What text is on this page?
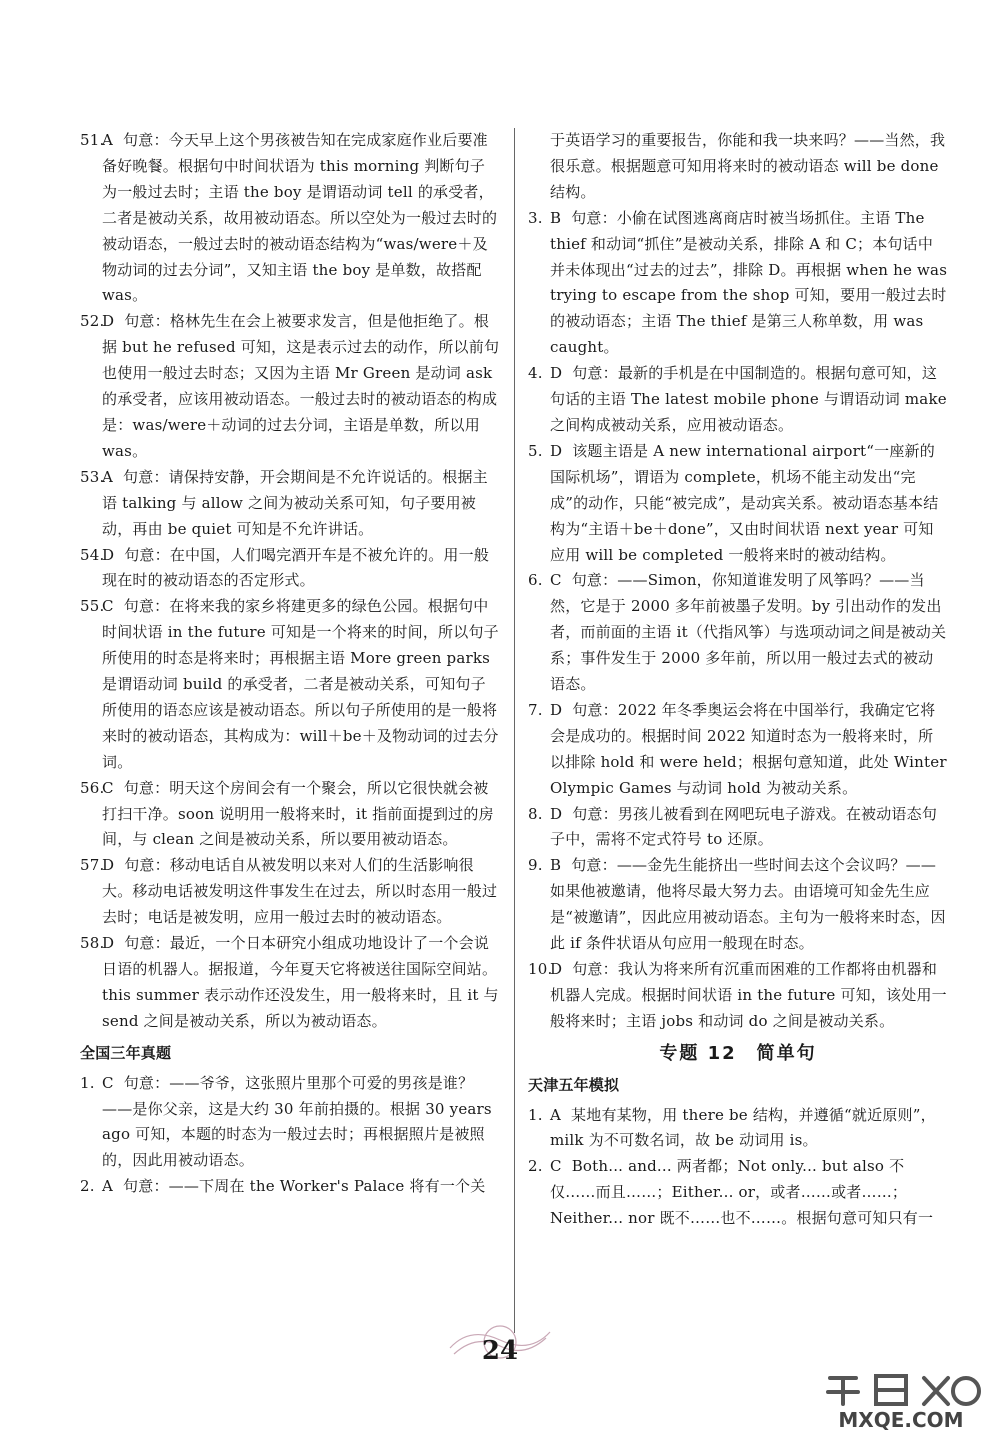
51.
A 句意：今天早上这个男孩被告知在完成家庭作业后要准备好晚餐。根据句中时间状语为 this morning 判断句子为一般过去时；主语 the boy 是谓语动词 tell 的承受者，二者是被动关系，故用被动语态。所以空处为一般过去时的被动语态，一般过去时的被动语态结构为“was/were＋及物动词的过去分词”，又知主语 the boy 是单数，故搭配 was。

52.
D 句意：格林先生在会上被要求发言，但是他拒绝了。根据 but he refused 可知，这是表示过去的动作，所以前句也使用一般过去时态；又因为主语 Mr Green 是动词 ask 的承受者，应该用被动语态。一般过去时的被动语态的构成是：was/were＋动词的过去分词，主语是单数，所以用 was。

53.
A 句意：请保持安静，开会期间是不允许说话的。根据主语 talking 与 allow 之间为被动关系可知，句子要用被动，再由 be quiet 可知是不允许讲话。

54.
D 句意：在中国，人们喝完酒开车是不被允许的。用一般现在时的被动语态的否定形式。

55.
C 句意：在将来我的家乡将建更多的绿色公园。根据句中时间状语 in the future 可知是一个将来的时间，所以句子所使用的时态是将来时；再根据主语 More green parks 是谓语动词 build 的承受者，二者是被动关系，可知句子所使用的语态应该是被动语态。所以句子所使用的是一般将来时的被动语态，其构成为：will＋be＋及物动词的过去分词。

56.
C 句意：明天这个房间会有一个聚会，所以它很快就会被打扫干净。soon 说明用一般将来时，it 指前面提到过的房间，与 clean 之间是被动关系，所以要用被动语态。

57.
D 句意：移动电话自从被发明以来对人们的生活影响很大。移动电话被发明这件事发生在过去，所以时态用一般过去时；电话是被发明，应用一般过去时的被动语态。

58.
D 句意：最近，一个日本研究小组成功地设计了一个会说日语的机器人。据报道，今年夏天它将被送往国际空间站。this summer 表示动作还没发生，用一般将来时，且 it 与 send 之间是被动关系，所以为被动语态。

全国三年真题

1. C 句意：——爷爷，这张照片里那个可爱的男孩是谁？——是你父亲，这是大约 30 年前拍摄的。根据 30 years ago 可知，本题的时态为一般过去时；再根据照片是被照的，因此用被动语态。

2. A 句意：——下周在 the Worker's Palace 将有一个关

于英语学习的重要报告，你能和我一块来吗？——当然，我很乐意。根据题意可知用将来时的被动语态 will be done 结构。

3. B 句意：小偷在试图逃离商店时被当场抓住。主语 The thief 和动词“抓住”是被动关系，排除 A 和 C；本句话中并未体现出“过去的过去”，排除 D。再根据 when he was trying to escape from the shop 可知，要用一般过去时的被动语态；主语 The thief 是第三人称单数，用 was caught。

4. D 句意：最新的手机是在中国制造的。根据句意可知，这句话的主语 The latest mobile phone 与谓语动词 make 之间构成被动关系，应用被动语态。

5. D 该题主语是 A new international airport“一座新的国际机场”，谓语为 complete，机场不能主动发出“完成”的动作，只能“被完成”，是动宾关系。被动语态基本结构为“主语＋be＋done”，又由时间状语 next year 可知应用 will be completed 一般将来时的被动结构。

6. C 句意：——Simon，你知道谁发明了风筝吗？——当然，它是于 2000 多年前被墨子发明。by 引出动作的发出者，而前面的主语 it（代指风筝）与选项动词之间是被动关系；事件发生于 2000 多年前，所以用一般过去式的被动语态。

7. D 句意：2022 年冬季奥运会将在中国举行，我确定它将会是成功的。根据时间 2022 知道时态为一般将来时，所以排除 hold 和 were held；根据句意知道，此处 Winter Olympic Games 与动词 hold 为被动关系。

8. D 句意：男孩儿被看到在网吧玩电子游戏。在被动语态句子中，需将不定式符号 to 还原。

9. B 句意：——金先生能挤出一些时间去这个会议吗？——如果他被邀请，他将尽最大努力去。由语境可知金先生应是“被邀请”，因此应用被动语态。主句为一般将来时态，因此 if 条件状语从句应用一般现在时态。

10.
D 句意：我认为将来所有沉重而困难的工作都将由机器和机器人完成。根据时间状语 in the future 可知，该处用一般将来时；主语 jobs 和动词 do 之间是被动关系。

专题 12　简单句
天津五年模拟

1. A 某地有某物，用 there be 结构，并遵循“就近原则”，milk 为不可数名词，故 be 动词用 is。

2. C Both... and... 两者都；Not only... but also 不仅……而且……；Either... or，或者……或者……；Neither... nor 既不……也不……。根据句意可知只有一

24
MXQE.COM
